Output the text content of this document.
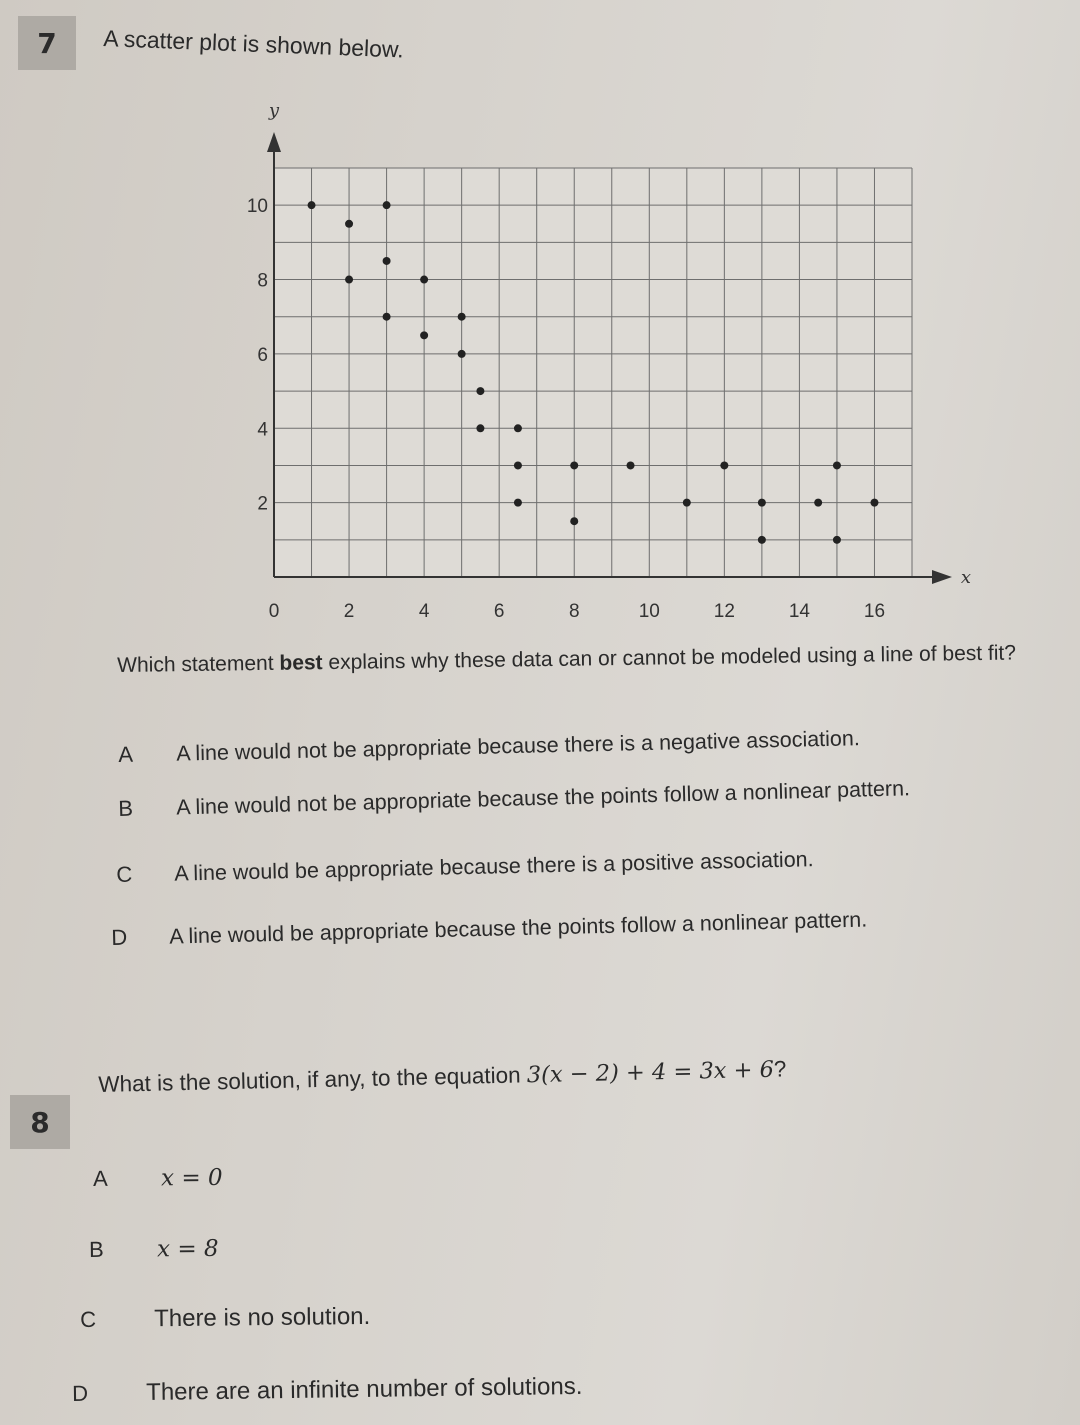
7	A scatter plot is shown below.
y
x
0	2	4	6	8	10	12	14	16
2
4
6
8
10
Which statement best explains why these data can or cannot be modeled using a line of best fit?
A A line would not be appropriate because there is a negative association.
B A line would not be appropriate because the points follow a nonlinear pattern.
C A line would be appropriate because there is a positive association.
D A line would be appropriate because the points follow a nonlinear pattern.
8
What is the solution, if any, to the equation 3(x − 2) + 4 = 3x + 6?
A x = 0
B x = 8
C There is no solution.
D There are an infinite number of solutions.
